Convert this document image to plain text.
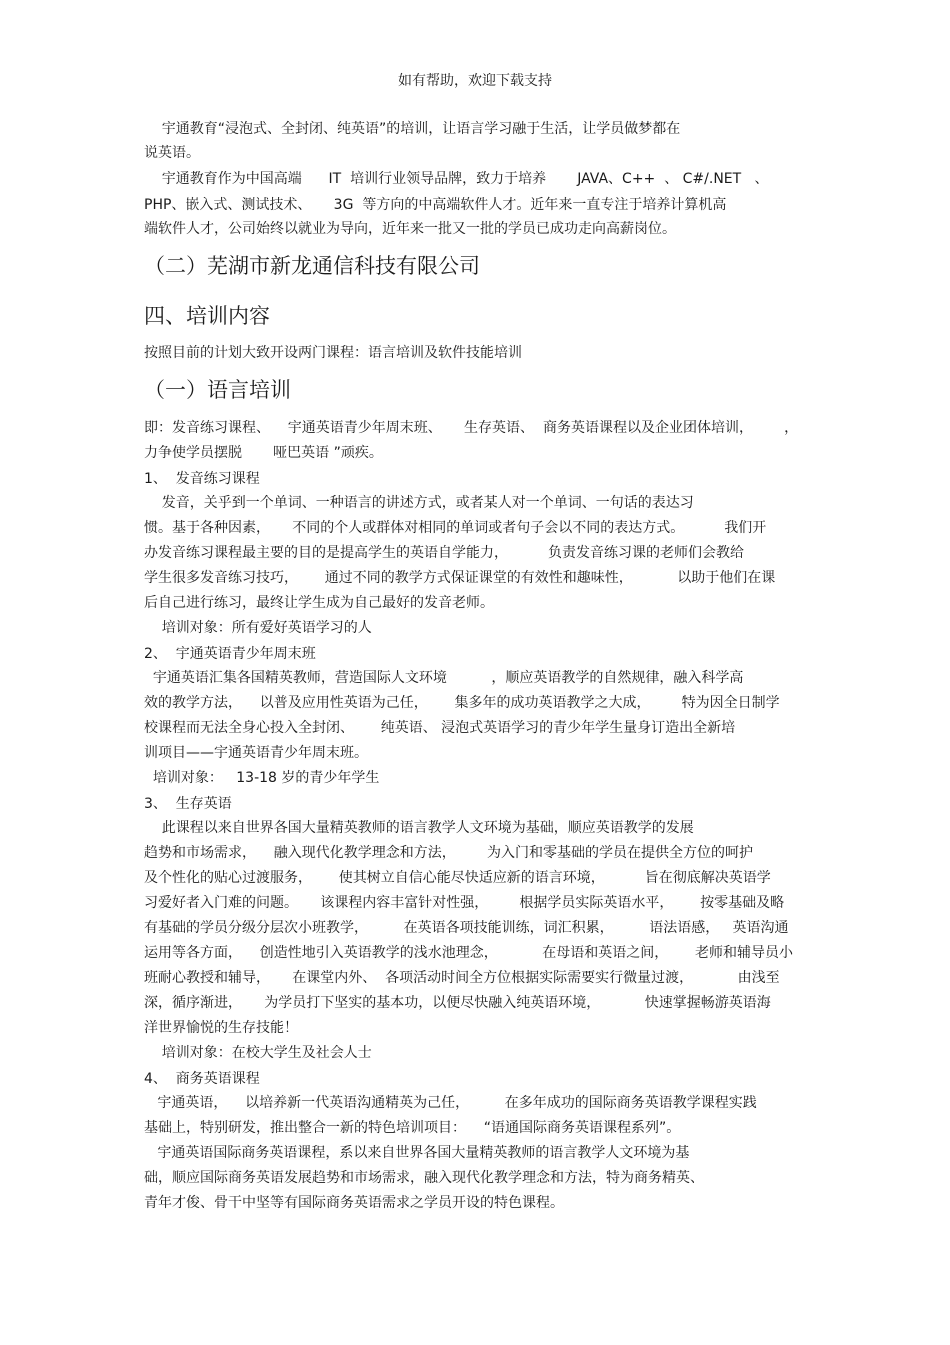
如有帮助，欢迎下载支持
宇通教育“浸泡式、全封闭、纯英语”的培训，让语言学习融于生活，让学员做梦都在
说英语。
宇通教育作为中国高端      IT  培训行业领导品牌，致力于培养       JAVA、C++  、 C#/.NET   、
PHP、嵌入式、测试技术、     3G  等方向的中高端软件人才。近年来一直专注于培养计算机高
端软件人才，公司始终以就业为导向，近年来一批又一批的学员已成功走向高薪岗位。
（二）芜湖市新龙通信科技有限公司
四、培训内容
按照目前的计划大致开设两门课程：语言培训及软件技能培训
（一）语言培训
即：发音练习课程、    宇通英语青少年周末班、     生存英语、  商务英语课程以及企业团体培训，       ，
力争使学员摆脱       哑巴英语 ”顽疾。
1、  发音练习课程
发音，关乎到一个单词、一种语言的讲述方式，或者某人对一个单词、一句话的表达习
惯。基于各种因素，     不同的个人或群体对相同的单词或者句子会以不同的表达方式。         我们开
办发音练习课程最主要的目的是提高学生的英语自学能力，         负责发音练习课的老师们会教给
学生很多发音练习技巧，      通过不同的教学方式保证课堂的有效性和趣味性，          以助于他们在课
后自己进行练习，最终让学生成为自己最好的发音老师。
培训对象：所有爱好英语学习的人
2、  宇通英语青少年周末班
宇通英语汇集各国精英教师，营造国际人文环境          ，顺应英语教学的自然规律，融入科学高
效的教学方法，    以普及应用性英语为己任，      集多年的成功英语教学之大成，       特为因全日制学
校课程而无法全身心投入全封闭、      纯英语、 浸泡式英语学习的青少年学生量身订造出全新培
训项目——宇通英语青少年周末班。
培训对象：   13-18 岁的青少年学生
3、  生存英语
此课程以来自世界各国大量精英教师的语言教学人文环境为基础，顺应英语教学的发展
趋势和市场需求，    融入现代化教学理念和方法，       为入门和零基础的学员在提供全方位的呵护
及个性化的贴心过渡服务，      使其树立自信心能尽快适应新的语言环境，         旨在彻底解决英语学
习爱好者入门难的问题。     该课程内容丰富针对性强，       根据学员实际英语水平，      按零基础及略
有基础的学员分级分层次小班教学，        在英语各项技能训练，词汇积累，        语法语感，   英语沟通
运用等各方面，    创造性地引入英语教学的浅水池理念，          在母语和英语之间，      老师和辅导员小
班耐心教授和辅导，     在课堂内外、  各项活动时间全方位根据实际需要实行微量过渡，          由浅至
深，循序渐进，     为学员打下坚实的基本功，以便尽快融入纯英语环境，          快速掌握畅游英语海
洋世界愉悦的生存技能！
培训对象：在校大学生及社会人士
4、  商务英语课程
宇通英语，    以培养新一代英语沟通精英为己任，        在多年成功的国际商务英语教学课程实践
基础上，特别研发，推出整合一新的特色培训项目：    “语通国际商务英语课程系列”。
宇通英语国际商务英语课程，系以来自世界各国大量精英教师的语言教学人文环境为基
础，顺应国际商务英语发展趋势和市场需求，融入现代化教学理念和方法，特为商务精英、
青年才俊、骨干中坚等有国际商务英语需求之学员开设的特色课程。
